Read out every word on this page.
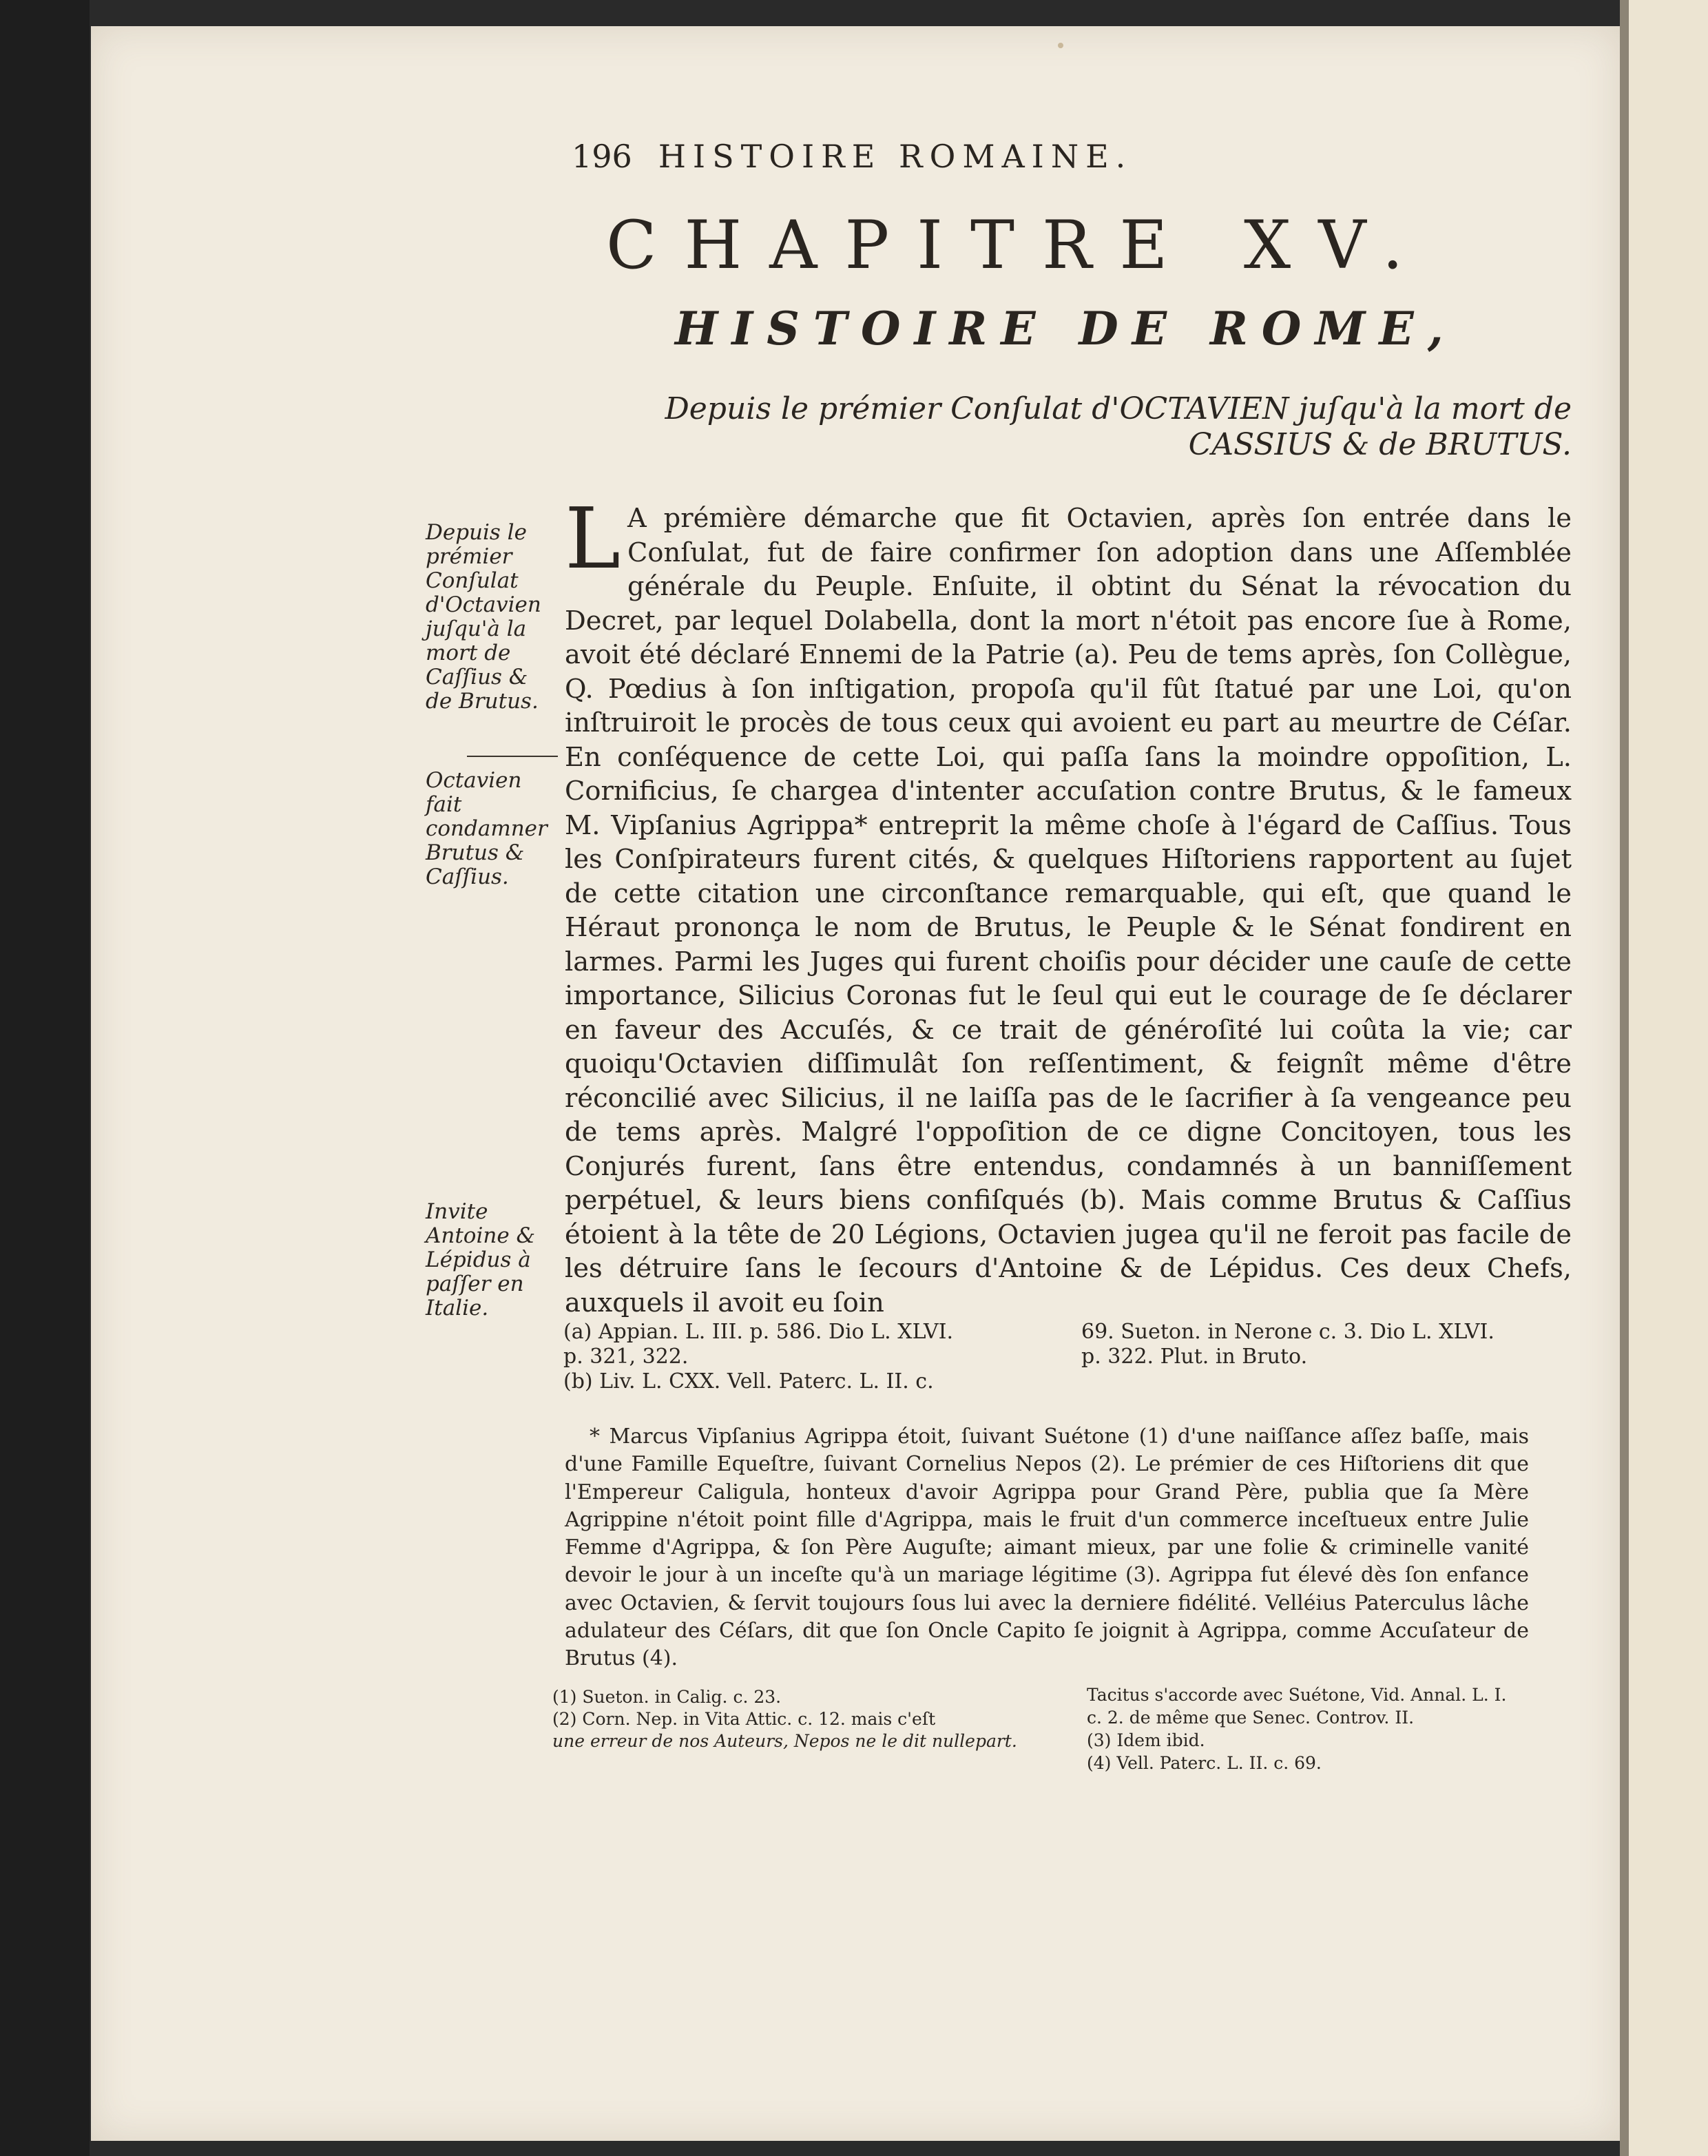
196 HISTOIRE ROMAINE.
CHAPITRE XV.
HISTOIRE DE ROME,
Depuis le prémier Conſulat d'OCTAVIEN juſqu'à la mort de
CASSIUS & de BRUTUS.
L A prémière démarche que fit Octavien, après ſon entrée dans le Conſulat, fut de faire confirmer ſon adoption dans une Aſſemblée générale du Peuple. Enſuite, il obtint du Sénat la révocation du Decret, par lequel Dolabella, dont la mort n'étoit pas encore ſue à Rome, avoit été déclaré Ennemi de la Patrie (a). Peu de tems après, ſon Collègue, Q. Pœdius à ſon inſtigation, propoſa qu'il fût ſtatué par une Loi, qu'on inſtruiroit le procès de tous ceux qui avoient eu part au meurtre de Céſar. En conſéquence de cette Loi, qui paſſa ſans la moindre oppoſition, L. Cornificius, ſe chargea d'intenter accuſation contre Brutus, & le fameux M. Vipſanius Agrippa* entreprit la même choſe à l'égard de Caſſius. Tous les Conſpirateurs furent cités, & quelques Hiſtoriens rapportent au ſujet de cette citation une circonſtance remarquable, qui eſt, que quand le Héraut prononça le nom de Brutus, le Peuple & le Sénat fondirent en larmes. Parmi les Juges qui furent choiſis pour décider une cauſe de cette importance, Silicius Coronas fut le ſeul qui eut le courage de ſe déclarer en faveur des Accuſés, & ce trait de généroſité lui coûta la vie; car quoiqu'Octavien diſſimulât ſon reſſentiment, & feignît même d'être réconcilié avec Silicius, il ne laiſſa pas de le ſacrifier à ſa vengeance peu de tems après. Malgré l'oppoſition de ce digne Concitoyen, tous les Conjurés furent, ſans être entendus, condamnés à un banniſſement perpétuel, & leurs biens confiſqués (b). Mais comme Brutus & Caſſius étoient à la tête de 20 Légions, Octavien jugea qu'il ne feroit pas facile de les détruire ſans le ſecours d'Antoine & de Lépidus. Ces deux Chefs, auxquels il avoit eu ſoin
Depuis le prémier Conſulat d'Octavien juſqu'à la mort de Caſſius & de Brutus.
Octavien fait condamner Brutus & Caſſius.
Invite Antoine & Lépidus à paſſer en Italie.
(a) Appian. L. III. p. 586. Dio L. XLVI.
p. 321, 322.
(b) Liv. L. CXX. Vell. Paterc. L. II. c.
69. Sueton. in Nerone c. 3. Dio L. XLVI.
p. 322. Plut. in Bruto.
* Marcus Vipſanius Agrippa étoit, ſuivant Suétone (1) d'une naiſſance aſſez baſſe, mais d'une Famille Equeſtre, ſuivant Cornelius Nepos (2). Le prémier de ces Hiſtoriens dit que l'Empereur Caligula, honteux d'avoir Agrippa pour Grand Père, publia que ſa Mère Agrippine n'étoit point fille d'Agrippa, mais le fruit d'un commerce inceſtueux entre Julie Femme d'Agrippa, & ſon Père Auguſte; aimant mieux, par une folie & criminelle vanité devoir le jour à un inceſte qu'à un mariage légitime (3). Agrippa fut élevé dès ſon enfance avec Octavien, & ſervit toujours ſous lui avec la derniere fidélité. Velléius Paterculus lâche adulateur des Céſars, dit que ſon Oncle Capito ſe joignit à Agrippa, comme Accuſateur de Brutus (4).
(1) Sueton. in Calig. c. 23.
(2) Corn. Nep. in Vita Attic. c. 12. mais c'eſt
une erreur de nos Auteurs, Nepos ne le dit nullepart.
Tacitus s'accorde avec Suétone, Vid. Annal. L. I.
c. 2. de même que Senec. Controv. II.
(3) Idem ibid.
(4) Vell. Paterc. L. II. c. 69.
